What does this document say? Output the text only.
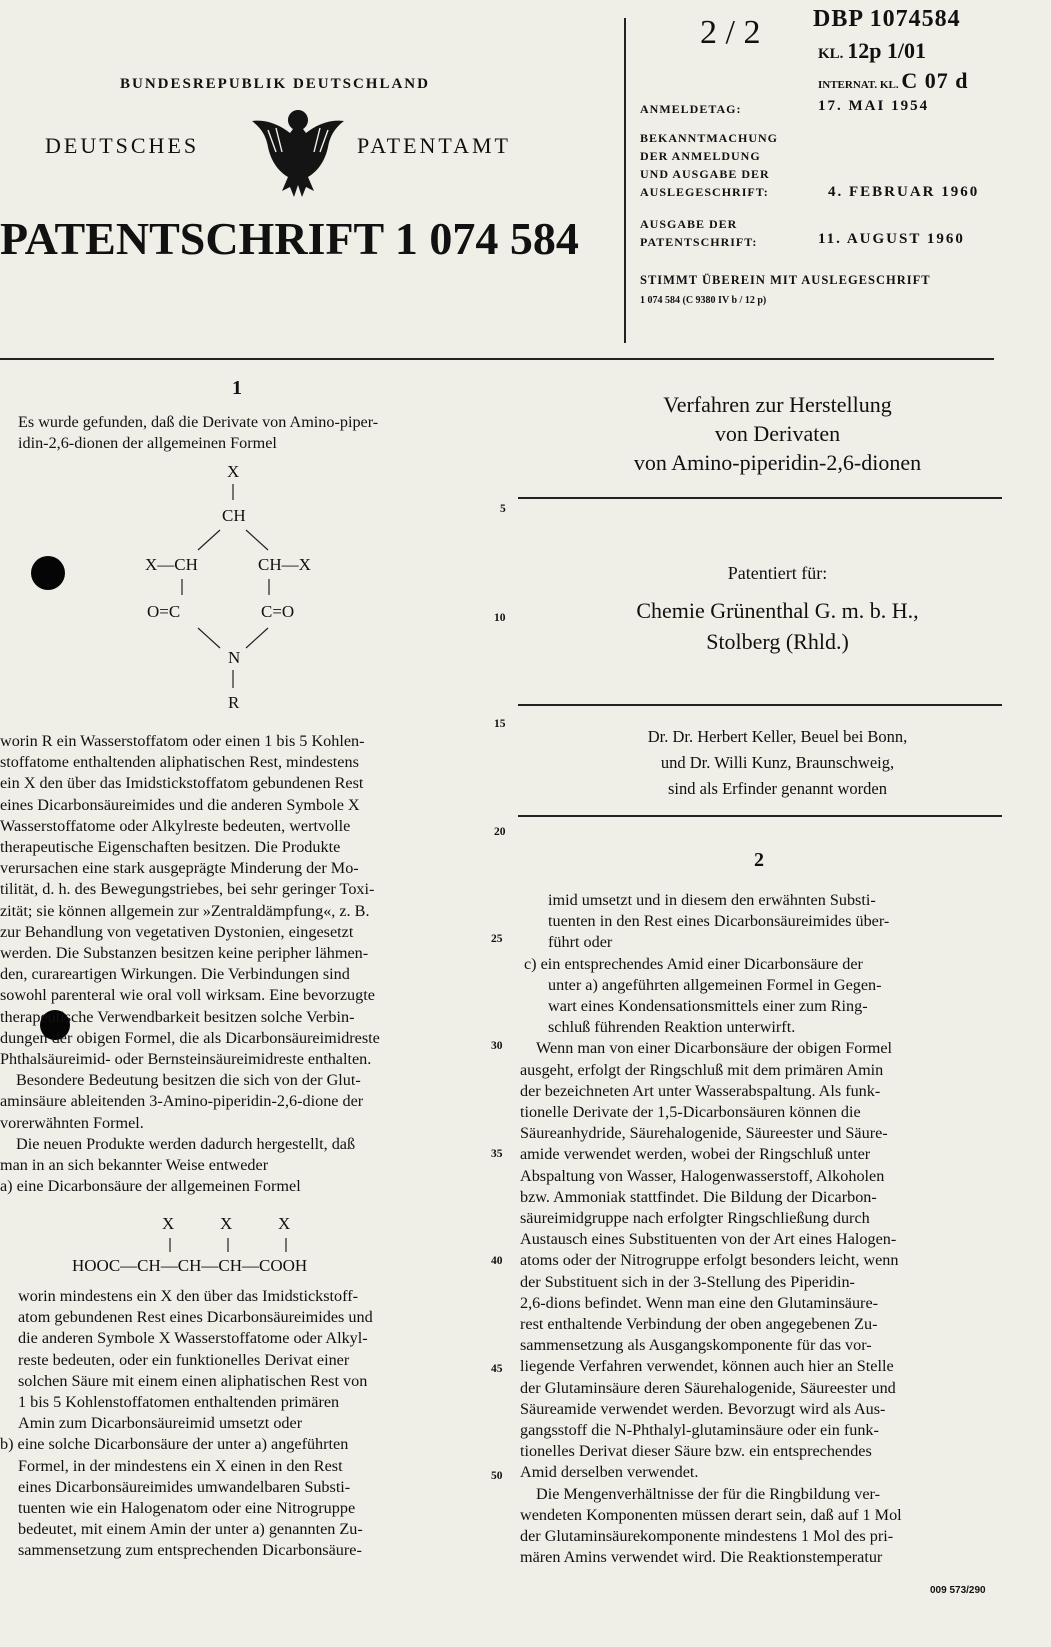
BUNDESREPUBLIK DEUTSCHLAND
DEUTSCHES	PATENTAMT
PATENTSCHRIFT 1 074 584
2 / 2 DBP 1074584
KL. 12p 1/01
INTERNAT. KL. C 07 d
ANMELDETAG:	17. MAI 1954
BEKANNTMACHUNG
DER ANMELDUNG
UND AUSGABE DER
AUSLEGESCHRIFT:	4. FEBRUAR 1960
AUSGABE DER
PATENTSCHRIFT:	11. AUGUST 1960
STIMMT ÜBEREIN MIT AUSLEGESCHRIFT
1 074 584 (C 9380 IV b / 12 p)
1

Es wurde gefunden, daß die Derivate von Amino-piper-

idin-2,6-dionen der allgemeinen Formel

X
CH
X—CH	CH—X
O=C	C=O
N
R

worin R ein Wasserstoffatom oder einen 1 bis 5 Kohlen-

stoffatome enthaltenden aliphatischen Rest, mindestens

ein X den über das Imidstickstoffatom gebundenen Rest

eines Dicarbonsäureimides und die anderen Symbole X

Wasserstoffatome oder Alkylreste bedeuten, wertvolle

therapeutische Eigenschaften besitzen. Die Produkte

verursachen eine stark ausgeprägte Minderung der Mo-

tilität, d. h. des Bewegungstriebes, bei sehr geringer Toxi-

zität; sie können allgemein zur »Zentraldämpfung«, z. B.

zur Behandlung von vegetativen Dystonien, eingesetzt

werden. Die Substanzen besitzen keine peripher lähmen-

den, curareartigen Wirkungen. Die Verbindungen sind

sowohl parenteral wie oral voll wirksam. Eine bevorzugte

therapeutische Verwendbarkeit besitzen solche Verbin-

dungen der obigen Formel, die als Dicarbonsäureimidreste

Phthalsäureimid- oder Bernsteinsäureimidreste enthalten.

Besondere Bedeutung besitzen die sich von der Glut-

aminsäure ableitenden 3-Amino-piperidin-2,6-dione der

vorerwähnten Formel.

Die neuen Produkte werden dadurch hergestellt, daß

man in an sich bekannter Weise entweder

a) eine Dicarbonsäure der allgemeinen Formel

X	X	X
HOOC—CH—CH—CH—COOH

worin mindestens ein X den über das Imidstickstoff-

atom gebundenen Rest eines Dicarbonsäureimides und

die anderen Symbole X Wasserstoffatome oder Alkyl-

reste bedeuten, oder ein funktionelles Derivat einer

solchen Säure mit einem einen aliphatischen Rest von

1 bis 5 Kohlenstoffatomen enthaltenden primären

Amin zum Dicarbonsäureimid umsetzt oder

b) eine solche Dicarbonsäure der unter a) angeführten

Formel, in der mindestens ein X einen in den Rest

eines Dicarbonsäureimides umwandelbaren Substi-

tuenten wie ein Halogenatom oder eine Nitrogruppe

bedeutet, mit einem Amin der unter a) genannten Zu-

sammensetzung zum entsprechenden Dicarbonsäure-

5
10
15
20
25
30
35
40
45
50
Verfahren zur Herstellung
von Derivaten
von Amino-piperidin-2,6-dionen
Patentiert für:
Chemie Grünenthal G. m. b. H.,
Stolberg (Rhld.)
Dr. Dr. Herbert Keller, Beuel bei Bonn,
und Dr. Willi Kunz, Braunschweig,
sind als Erfinder genannt worden
2

imid umsetzt und in diesem den erwähnten Substi-

tuenten in den Rest eines Dicarbonsäureimides über-

führt oder

c) ein entsprechendes Amid einer Dicarbonsäure der

unter a) angeführten allgemeinen Formel in Gegen-

wart eines Kondensationsmittels einer zum Ring-

schluß führenden Reaktion unterwirft.

Wenn man von einer Dicarbonsäure der obigen Formel

ausgeht, erfolgt der Ringschluß mit dem primären Amin

der bezeichneten Art unter Wasserabspaltung. Als funk-

tionelle Derivate der 1,5-Dicarbonsäuren können die

Säureanhydride, Säurehalogenide, Säureester und Säure-

amide verwendet werden, wobei der Ringschluß unter

Abspaltung von Wasser, Halogenwasserstoff, Alkoholen

bzw. Ammoniak stattfindet. Die Bildung der Dicarbon-

säureimidgruppe nach erfolgter Ringschließung durch

Austausch eines Substituenten von der Art eines Halogen-

atoms oder der Nitrogruppe erfolgt besonders leicht, wenn

der Substituent sich in der 3-Stellung des Piperidin-

2,6-dions befindet. Wenn man eine den Glutaminsäure-

rest enthaltende Verbindung der oben angegebenen Zu-

sammensetzung als Ausgangskomponente für das vor-

liegende Verfahren verwendet, können auch hier an Stelle

der Glutaminsäure deren Säurehalogenide, Säureester und

Säureamide verwendet werden. Bevorzugt wird als Aus-

gangsstoff die N-Phthalyl-glutaminsäure oder ein funk-

tionelles Derivat dieser Säure bzw. ein entsprechendes

Amid derselben verwendet.

Die Mengenverhältnisse der für die Ringbildung ver-

wendeten Komponenten müssen derart sein, daß auf 1 Mol

der Glutaminsäurekomponente mindestens 1 Mol des pri-

mären Amins verwendet wird. Die Reaktionstemperatur

009 573/290
